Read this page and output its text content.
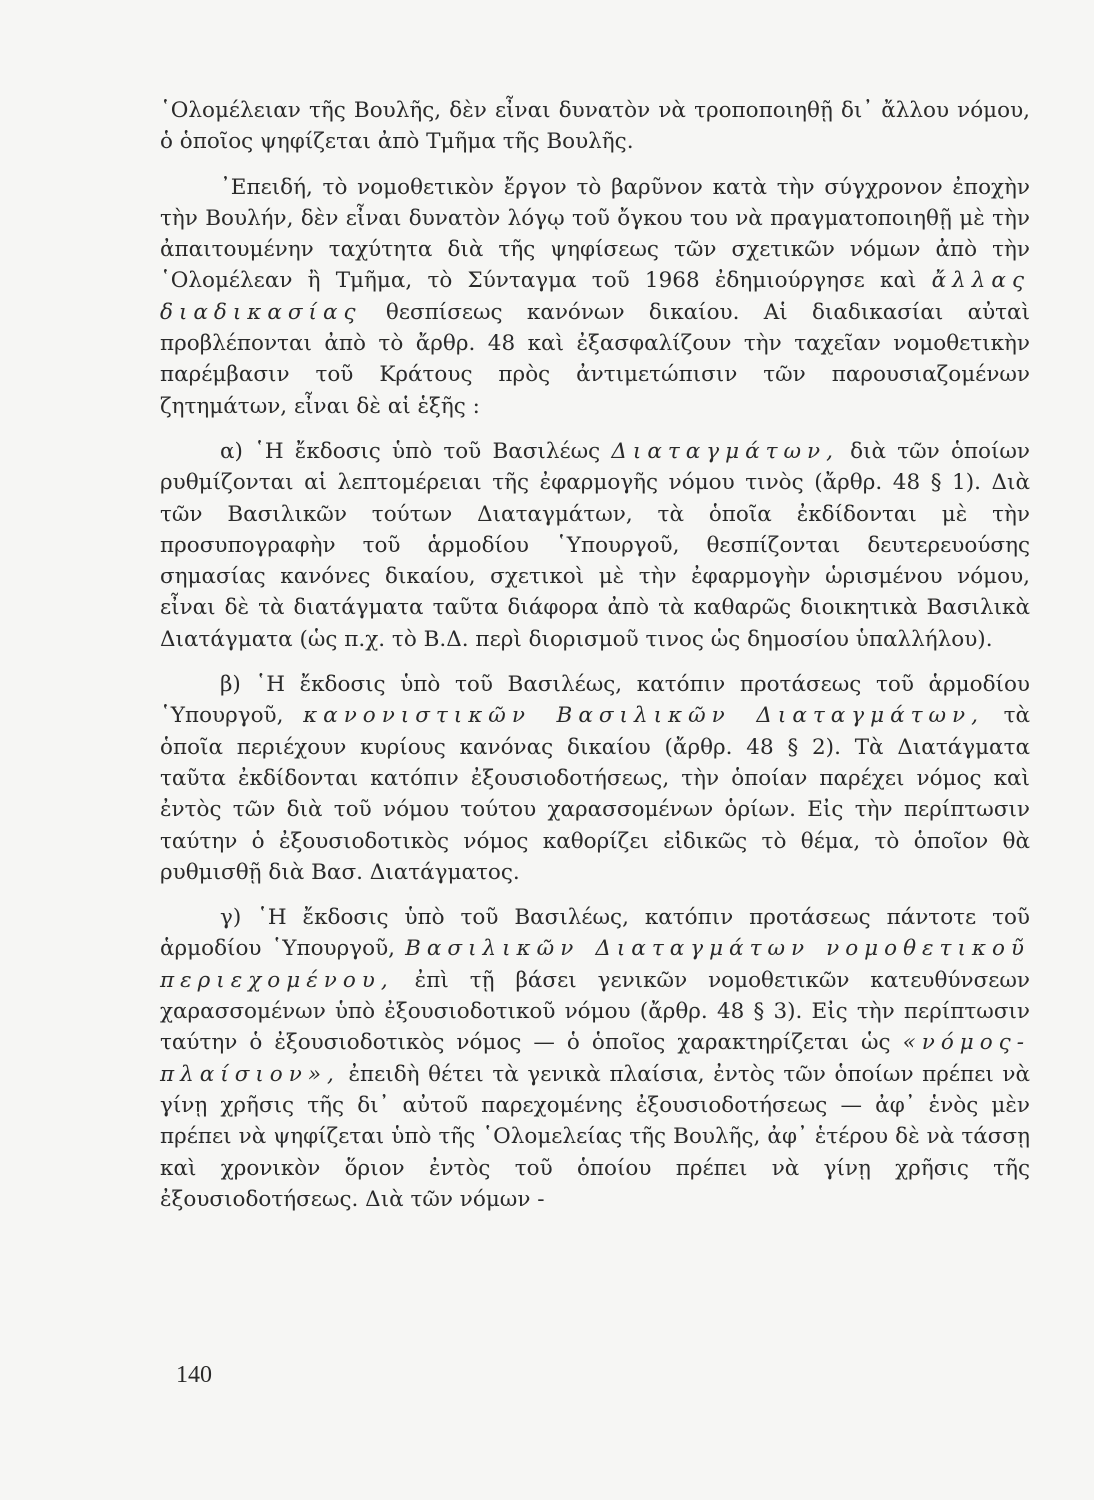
῾Ολομέλειαν τῆς Βουλῆς, δὲν εἶναι δυνατὸν νὰ τροποποιηθῇ δι᾽ ἄλλου νόμου, ὁ ὁποῖος ψηφίζεται ἀπὸ Τμῆμα τῆς Βουλῆς.

᾽Επειδή, τὸ νομοθετικὸν ἔργον τὸ βαρῦνον κατὰ τὴν σύγχρονον ἐποχὴν τὴν Βουλήν, δὲν εἶναι δυνατὸν λόγῳ τοῦ ὄγκου του νὰ πραγματοποιηθῇ μὲ τὴν ἀπαιτουμένην ταχύτητα διὰ τῆς ψηφίσεως τῶν σχετικῶν νόμων ἀπὸ τὴν ῾Ολομέλεαν ἢ Τμῆμα, τὸ Σύνταγμα τοῦ 1968 ἐδημιούργησε καὶ ἄλλας διαδικασίας θεσπίσεως κανόνων δικαίου. Αἱ διαδικασίαι αὐταὶ προβλέπονται ἀπὸ τὸ ἄρθρ. 48 καὶ ἐξασφαλίζουν τὴν ταχεῖαν νομοθετικὴν παρέμβασιν τοῦ Κράτους πρὸς ἀντιμετώπισιν τῶν παρουσιαζομένων ζητημάτων, εἶναι δὲ αἱ ἑξῆς :

α) ῾Η ἔκδοσις ὑπὸ τοῦ Βασιλέως Διαταγμάτων, διὰ τῶν ὁποίων ρυθμίζονται αἱ λεπτομέρειαι τῆς ἐφαρμογῆς νόμου τινὸς (ἄρθρ. 48 § 1). Διὰ τῶν Βασιλικῶν τούτων Διαταγμάτων, τὰ ὁποῖα ἐκδίδονται μὲ τὴν προσυπογραφὴν τοῦ ἁρμοδίου ῾Υπουργοῦ, θεσπίζονται δευτερευούσης σημασίας κανόνες δικαίου, σχετικοὶ μὲ τὴν ἐφαρμογὴν ὡρισμένου νόμου, εἶναι δὲ τὰ διατάγματα ταῦτα διάφορα ἀπὸ τὰ καθαρῶς διοικητικὰ Βασιλικὰ Διατάγματα (ὡς π.χ. τὸ Β.Δ. περὶ διορισμοῦ τινος ὡς δημοσίου ὑπαλλήλου).

β) ῾Η ἔκδοσις ὑπὸ τοῦ Βασιλέως, κατόπιν προτάσεως τοῦ ἁρμοδίου ῾Υπουργοῦ, κανονιστικῶν Βασιλικῶν Διαταγμάτων, τὰ ὁποῖα περιέχουν κυρίους κανόνας δικαίου (ἄρθρ. 48 § 2). Τὰ Διατάγματα ταῦτα ἐκδίδονται κατόπιν ἐξουσιοδοτήσεως, τὴν ὁποίαν παρέχει νόμος καὶ ἐντὸς τῶν διὰ τοῦ νόμου τούτου χαρασσομένων ὁρίων. Εἰς τὴν περίπτωσιν ταύτην ὁ ἐξουσιοδοτικὸς νόμος καθορίζει εἰδικῶς τὸ θέμα, τὸ ὁποῖον θὰ ρυθμισθῇ διὰ Βασ. Διατάγματος.

γ) ῾Η ἔκδοσις ὑπὸ τοῦ Βασιλέως, κατόπιν προτάσεως πάντοτε τοῦ ἁρμοδίου ῾Υπουργοῦ, Βασιλικῶν Διαταγμάτων νομοθετικοῦ περιεχομένου, ἐπὶ τῇ βάσει γενικῶν νομοθετικῶν κατευθύνσεων χαρασσομένων ὑπὸ ἐξουσιοδοτικοῦ νόμου (ἄρθρ. 48 § 3). Εἰς τὴν περίπτωσιν ταύτην ὁ ἐξουσιοδοτικὸς νόμος — ὁ ὁποῖος χαρακτηρίζεται ὡς «νόμος-πλαίσιον», ἐπειδὴ θέτει τὰ γενικὰ πλαίσια, ἐντὸς τῶν ὁποίων πρέπει νὰ γίνῃ χρῆσις τῆς δι᾽ αὐτοῦ παρεχομένης ἐξουσιοδοτήσεως — ἀφ᾽ ἑνὸς μὲν πρέπει νὰ ψηφίζεται ὑπὸ τῆς ῾Ολομελείας τῆς Βουλῆς, ἀφ᾽ ἑτέρου δὲ νὰ τάσσῃ καὶ χρονικὸν ὅριον ἐντὸς τοῦ ὁποίου πρέπει νὰ γίνῃ χρῆσις τῆς ἐξουσιοδοτήσεως. Διὰ τῶν νόμων -

140
